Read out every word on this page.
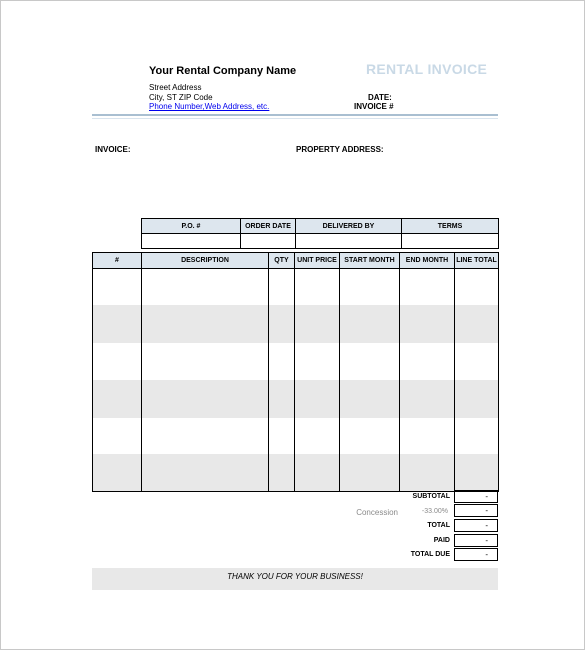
Your Rental Company Name
Street Address
City, ST ZIP Code
Phone Number,Web Address, etc.
RENTAL INVOICE
DATE:
INVOICE #
INVOICE:	PROPERTY ADDRESS:
P.O. #	ORDER DATE	DELIVERED BY	TERMS

#	DESCRIPTION	QTY	UNIT PRICE	START MONTH	END MONTH	LINE TOTAL

SUBTOTAL	-
Concession	-33.00%	-
TOTAL	-
PAID	-
TOTAL DUE	-
THANK YOU FOR YOUR BUSINESS!
